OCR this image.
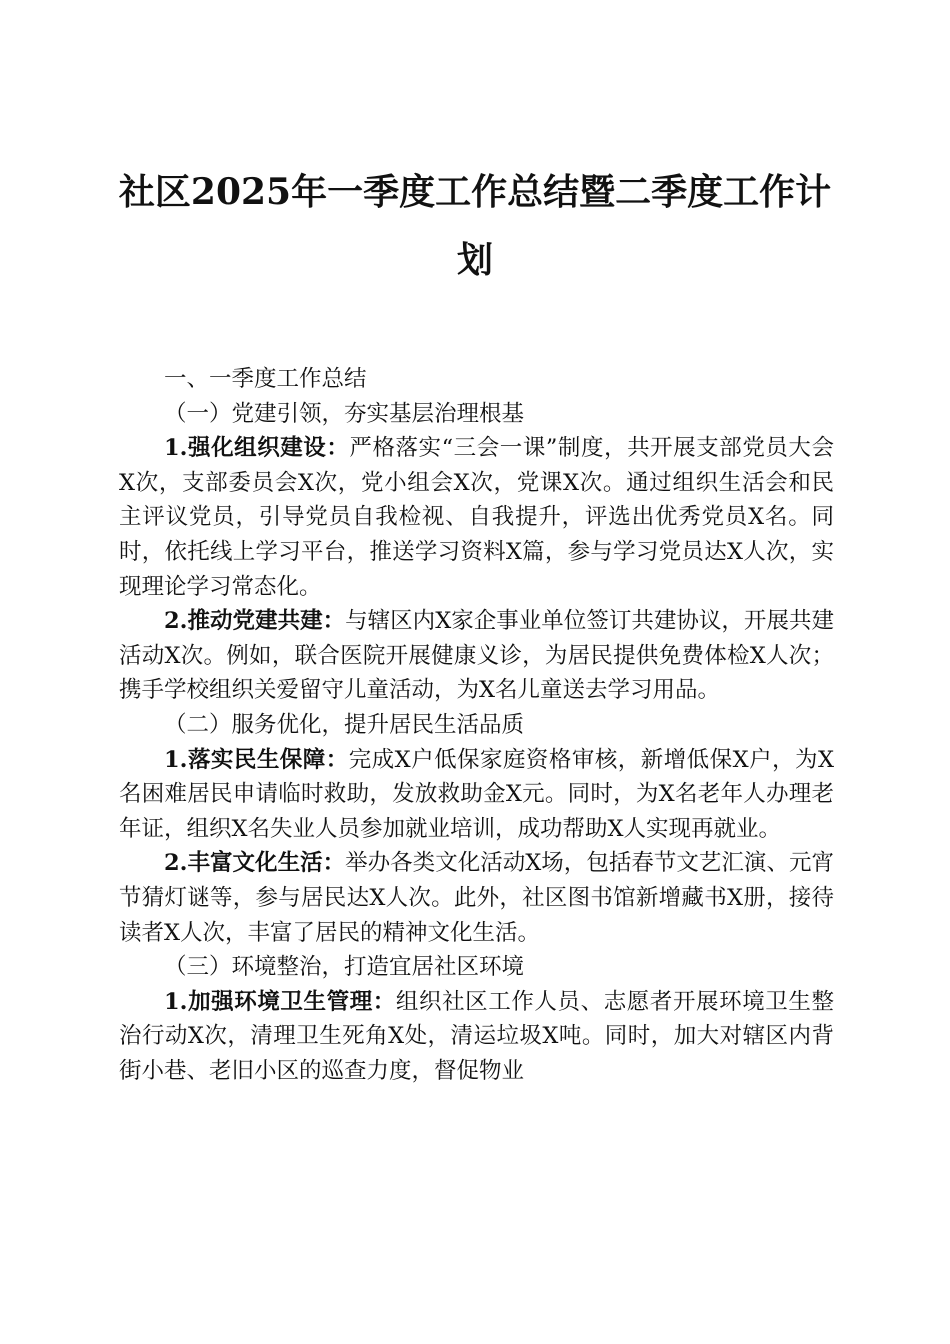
社区2025年一季度工作总结暨二季度工作计
划

一、一季度工作总结

（一）党建引领，夯实基层治理根基

1.强化组织建设：严格落实“三会一课”制度，共开展支部党员大会X次，支部委员会X次，党小组会X次，党课X次。通过组织生活会和民主评议党员，引导党员自我检视、自我提升，评选出优秀党员X名。同时，依托线上学习平台，推送学习资料X篇，参与学习党员达X人次，实现理论学习常态化。

2.推动党建共建：与辖区内X家企事业单位签订共建协议，开展共建活动X次。例如，联合医院开展健康义诊，为居民提供免费体检X人次；携手学校组织关爱留守儿童活动，为X名儿童送去学习用品。

（二）服务优化，提升居民生活品质

1.落实民生保障：完成X户低保家庭资格审核，新增低保X户，为X名困难居民申请临时救助，发放救助金X元。同时，为X名老年人办理老年证，组织X名失业人员参加就业培训，成功帮助X人实现再就业。

2.丰富文化生活：举办各类文化活动X场，包括春节文艺汇演、元宵节猜灯谜等，参与居民达X人次。此外，社区图书馆新增藏书X册，接待读者X人次，丰富了居民的精神文化生活。

（三）环境整治，打造宜居社区环境

1.加强环境卫生管理：组织社区工作人员、志愿者开展环境卫生整治行动X次，清理卫生死角X处，清运垃圾X吨。同时，加大对辖区内背街小巷、老旧小区的巡查力度，督促物业
